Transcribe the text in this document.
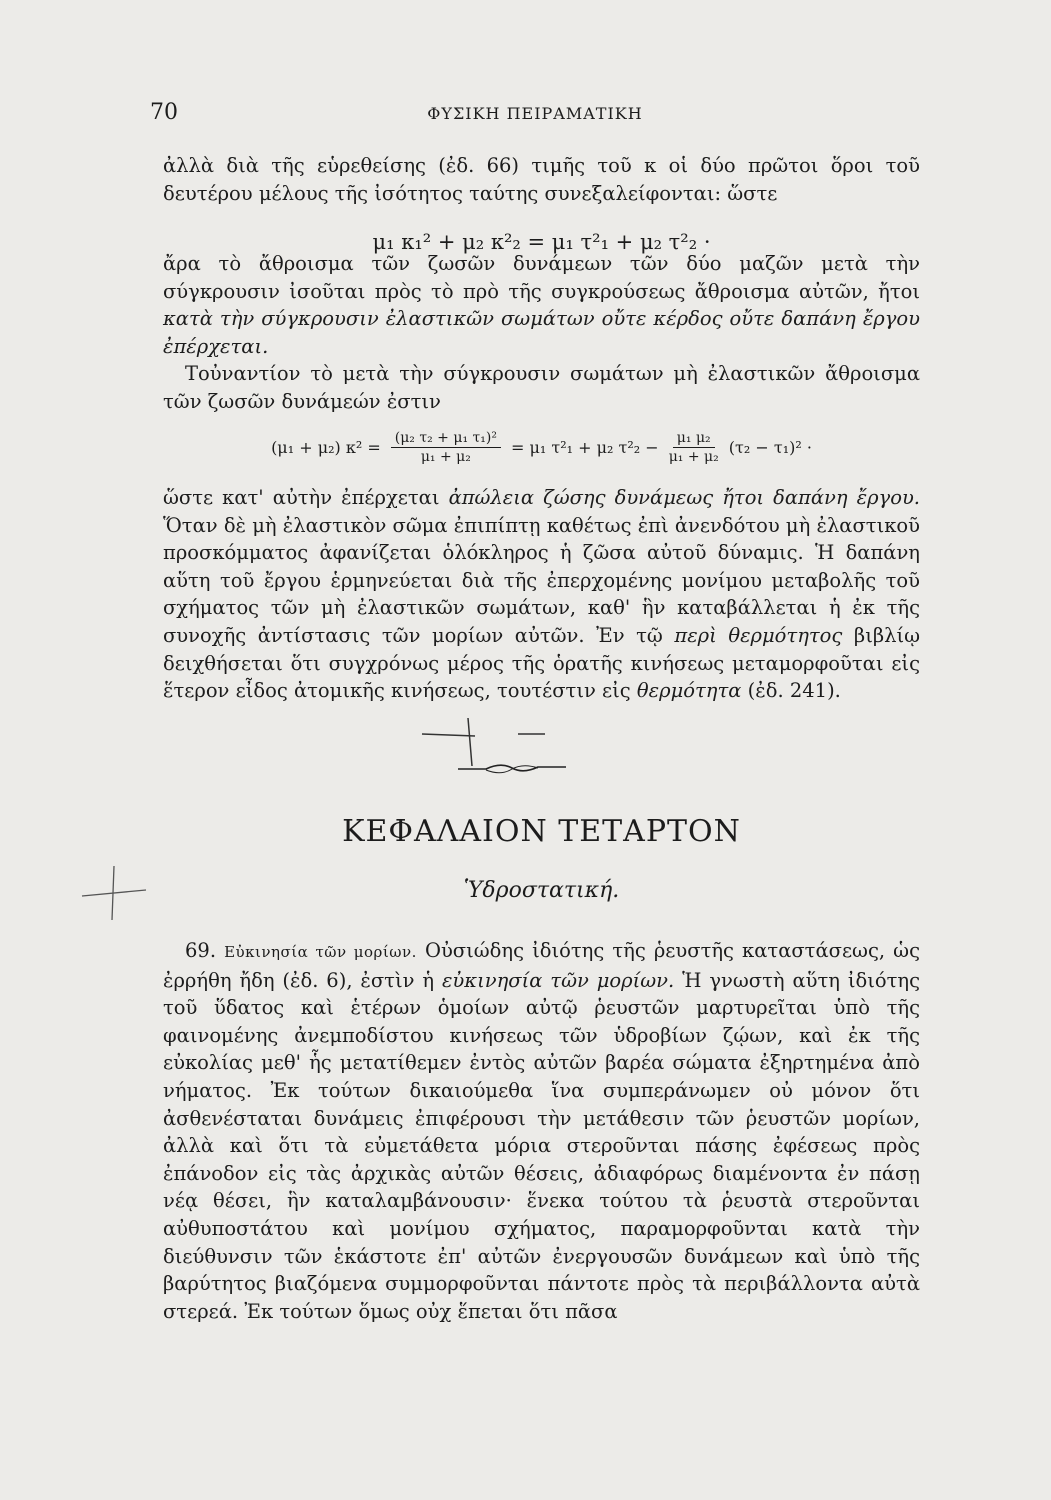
70	ΦΥΣΙΚΗ ΠΕΙΡΑΜΑΤΙΚΗ

ἀλλὰ διὰ τῆς εὑρεθείσης (ἐδ. 66) τιμῆς τοῦ κ οἱ δύο πρῶτοι ὅροι τοῦ δευτέρου μέλους τῆς ἰσότητος ταύτης συνεξαλείφονται: ὥστε

μ₁ κ₁² + μ₂ κ²₂ = μ₁ τ²₁ + μ₂ τ²₂ ·

ἄρα τὸ ἄθροισμα τῶν ζωσῶν δυνάμεων τῶν δύο μαζῶν μετὰ τὴν σύγκρουσιν ἰσοῦται πρὸς τὸ πρὸ τῆς συγκρούσεως ἄθροισμα αὐτῶν, ἤτοι κατὰ τὴν σύγκρουσιν ἐλαστικῶν σωμάτων οὔτε κέρδος οὔτε δαπάνη ἔργου ἐπέρχεται.

Τοὐναντίον τὸ μετὰ τὴν σύγκρουσιν σωμάτων μὴ ἐλαστικῶν ἄθροισμα τῶν ζωσῶν δυνάμεών ἐστιν

(μ₁ + μ₂) $\kappa^2 = \frac{\text{(μ₂ τ₂ + μ₁ τ₁)²}}{\text{μ₁ + μ₂}} = \mu_1$ τ²₁ + μ₂ $\tau^2_2 - \frac{\text{μ₁ μ₂}}{\text{μ₁ + μ₂}} (\tau_2 - \tau_1)^2$ ·

ὥστε κατ' αὐτὴν ἐπέρχεται ἀπώλεια ζώσης δυνάμεως ἤτοι δαπάνη ἔργου. Ὅταν δὲ μὴ ἐλαστικὸν σῶμα ἐπιπίπτῃ καθέτως ἐπὶ ἀνενδότου μὴ ἐλαστικοῦ προσκόμματος ἀφανίζεται ὁλόκληρος ἡ ζῶσα αὐτοῦ δύναμις. Ἡ δαπάνη αὕτη τοῦ ἔργου ἑρμηνεύεται διὰ τῆς ἐπερχομένης μονίμου μεταβολῆς τοῦ σχήματος τῶν μὴ ἐλαστικῶν σωμάτων, καθ' ἣν καταβάλλεται ἡ ἐκ τῆς συνοχῆς ἀντίστασις τῶν μορίων αὐτῶν. Ἐν τῷ περὶ θερμότητος βιβλίῳ δειχθήσεται ὅτι συγχρόνως μέρος τῆς ὁρατῆς κινήσεως μεταμορφοῦται εἰς ἕτερον εἶδος ἀτομικῆς κινήσεως, τουτέστιν εἰς θερμότητα (ἐδ. 241).

ΚΕΦΑΛΑΙΟΝ ΤΕΤΑΡΤΟΝ
Ὑδροστατική.

69. Εὐκινησία τῶν μορίων. Οὐσιώδης ἰδιότης τῆς ῥευστῆς καταστάσεως, ὡς ἐρρήθη ἤδη (ἐδ. 6), ἐστὶν ἡ εὐκινησία τῶν μορίων. Ἡ γνωστὴ αὕτη ἰδιότης τοῦ ὕδατος καὶ ἑτέρων ὁμοίων αὐτῷ ῥευστῶν μαρτυρεῖται ὑπὸ τῆς φαινομένης ἀνεμποδίστου κινήσεως τῶν ὑδροβίων ζῴων, καὶ ἐκ τῆς εὐκολίας μεθ' ἧς μετατίθεμεν ἐντὸς αὐτῶν βαρέα σώματα ἐξηρτημένα ἀπὸ νήματος. Ἐκ τούτων δικαιούμεθα ἵνα συμπεράνωμεν οὐ μόνον ὅτι ἀσθενέσταται δυνάμεις ἐπιφέρουσι τὴν μετάθεσιν τῶν ῥευστῶν μορίων, ἀλλὰ καὶ ὅτι τὰ εὐμετάθετα μόρια στεροῦνται πάσης ἐφέσεως πρὸς ἐπάνοδον εἰς τὰς ἀρχικὰς αὐτῶν θέσεις, ἀδιαφόρως διαμένοντα ἐν πάσῃ νέᾳ θέσει, ἣν καταλαμβάνουσιν· ἕνεκα τούτου τὰ ῥευστὰ στεροῦνται αὐθυποστάτου καὶ μονίμου σχήματος, παραμορφοῦνται κατὰ τὴν διεύθυνσιν τῶν ἑκάστοτε ἐπ' αὐτῶν ἐνεργουσῶν δυνάμεων καὶ ὑπὸ τῆς βαρύτητος βιαζόμενα συμμορφοῦνται πάντοτε πρὸς τὰ περιβάλλοντα αὐτὰ στερεά. Ἐκ τούτων ὅμως οὐχ ἕπεται ὅτι πᾶσα
